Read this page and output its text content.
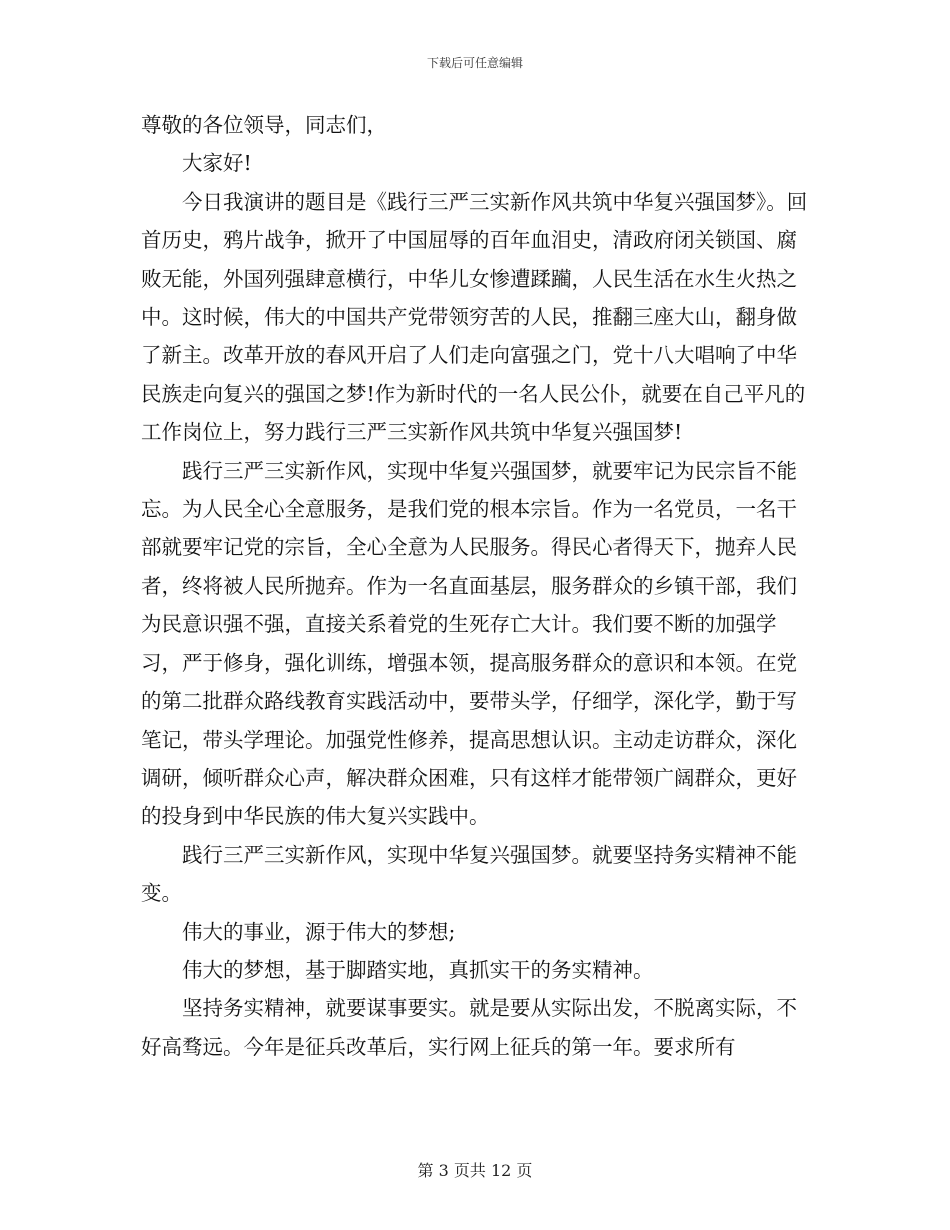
下载后可任意编辑

尊敬的各位领导，同志们，

大家好!

今日我演讲的题目是《践行三严三实新作风共筑中华复兴强国梦》。回首历史，鸦片战争，掀开了中国屈辱的百年血泪史，清政府闭关锁国、腐败无能，外国列强肆意横行，中华儿女惨遭蹂躏，人民生活在水生火热之中。这时候，伟大的中国共产党带领穷苦的人民，推翻三座大山，翻身做了新主。改革开放的春风开启了人们走向富强之门，党十八大唱响了中华民族走向复兴的强国之梦!作为新时代的一名人民公仆，就要在自己平凡的工作岗位上，努力践行三严三实新作风共筑中华复兴强国梦!

践行三严三实新作风，实现中华复兴强国梦，就要牢记为民宗旨不能忘。为人民全心全意服务，是我们党的根本宗旨。作为一名党员，一名干部就要牢记党的宗旨，全心全意为人民服务。得民心者得天下，抛弃人民者，终将被人民所抛弃。作为一名直面基层，服务群众的乡镇干部，我们为民意识强不强，直接关系着党的生死存亡大计。我们要不断的加强学习，严于修身，强化训练，增强本领，提高服务群众的意识和本领。在党的第二批群众路线教育实践活动中，要带头学，仔细学，深化学，勤于写笔记，带头学理论。加强党性修养，提高思想认识。主动走访群众，深化调研，倾听群众心声，解决群众困难，只有这样才能带领广阔群众，更好的投身到中华民族的伟大复兴实践中。

践行三严三实新作风，实现中华复兴强国梦。就要坚持务实精神不能变。

伟大的事业，源于伟大的梦想;

伟大的梦想，基于脚踏实地，真抓实干的务实精神。

坚持务实精神，就要谋事要实。就是要从实际出发，不脱离实际，不好高骛远。今年是征兵改革后，实行网上征兵的第一年。要求所有

第 3 页共 12 页
